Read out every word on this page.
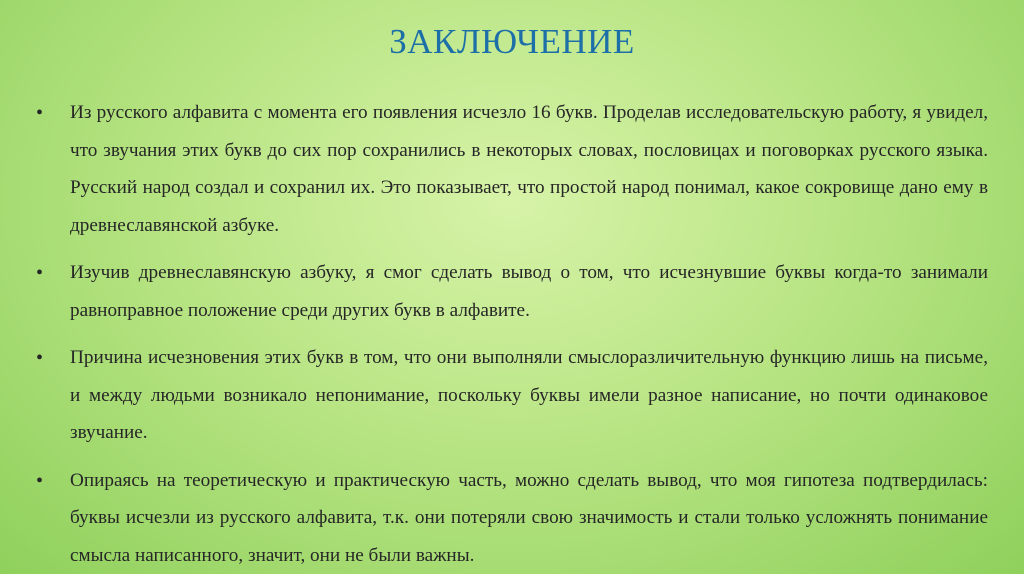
ЗАКЛЮЧЕНИЕ
•	Из русского алфавита с момента его появления исчезло 16 букв. Проделав исследовательскую работу, я увидел, что звучания этих букв до сих пор сохранились в некоторых словах, пословицах и поговорках русского языка. Русский народ создал и сохранил их. Это показывает, что простой народ понимал, какое сокровище дано ему в древнеславянской азбуке.
•	Изучив древнеславянскую азбуку, я смог сделать вывод о том, что исчезнувшие буквы когда-то занимали равноправное положение среди других букв в алфавите.
•	Причина исчезновения этих букв в том, что они выполняли смыслоразличительную функцию лишь на письме, и между людьми возникало непонимание, поскольку буквы имели разное написание, но почти одинаковое звучание.
•	Опираясь на теоретическую и практическую часть, можно сделать вывод, что моя гипотеза подтвердилась: буквы исчезли из русского алфавита, т.к. они потеряли свою значимость и стали только усложнять понимание смысла написанного, значит, они не были важны.
